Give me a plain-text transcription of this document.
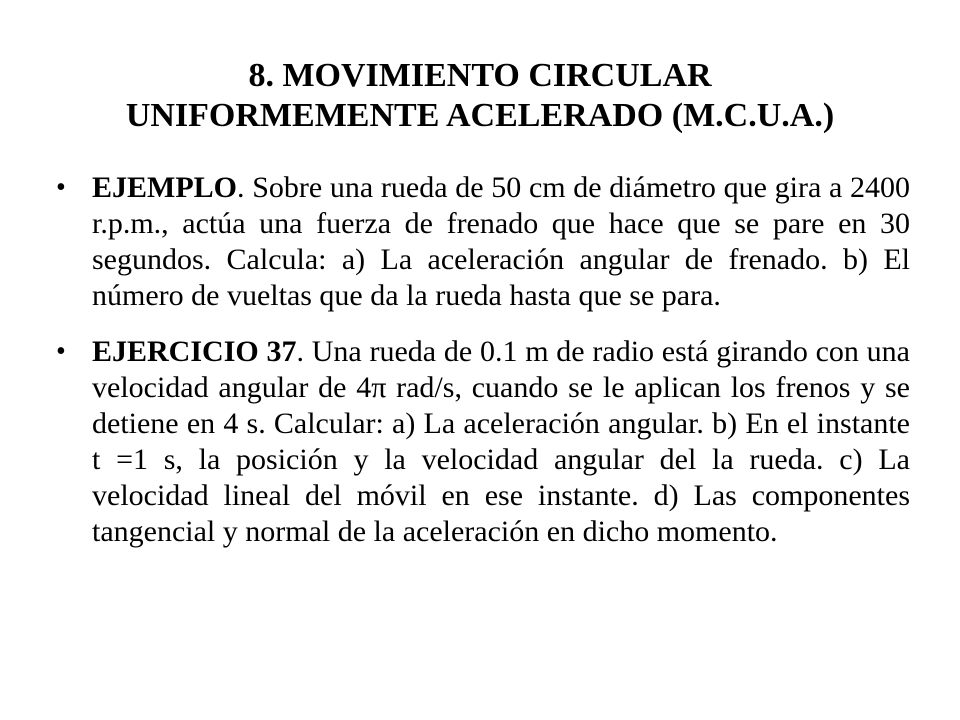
8. MOVIMIENTO CIRCULAR
UNIFORMEMENTE ACELERADO (M.C.U.A.)
• EJEMPLO. Sobre una rueda de 50 cm de diámetro que gira a 2400 r.p.m., actúa una fuerza de frenado que hace que se pare en 30 segundos. Calcula: a) La aceleración angular de frenado. b) El número de vueltas que da la rueda hasta que se para.
• EJERCICIO 37. Una rueda de 0.1 m de radio está girando con una velocidad angular de 4π rad/s, cuando se le aplican los frenos y se detiene en 4 s. Calcular: a) La aceleración angular. b) En el instante t =1 s, la posición y la velocidad angular del la rueda. c) La velocidad lineal del móvil en ese instante. d) Las componentes tangencial y normal de la aceleración en dicho momento.
